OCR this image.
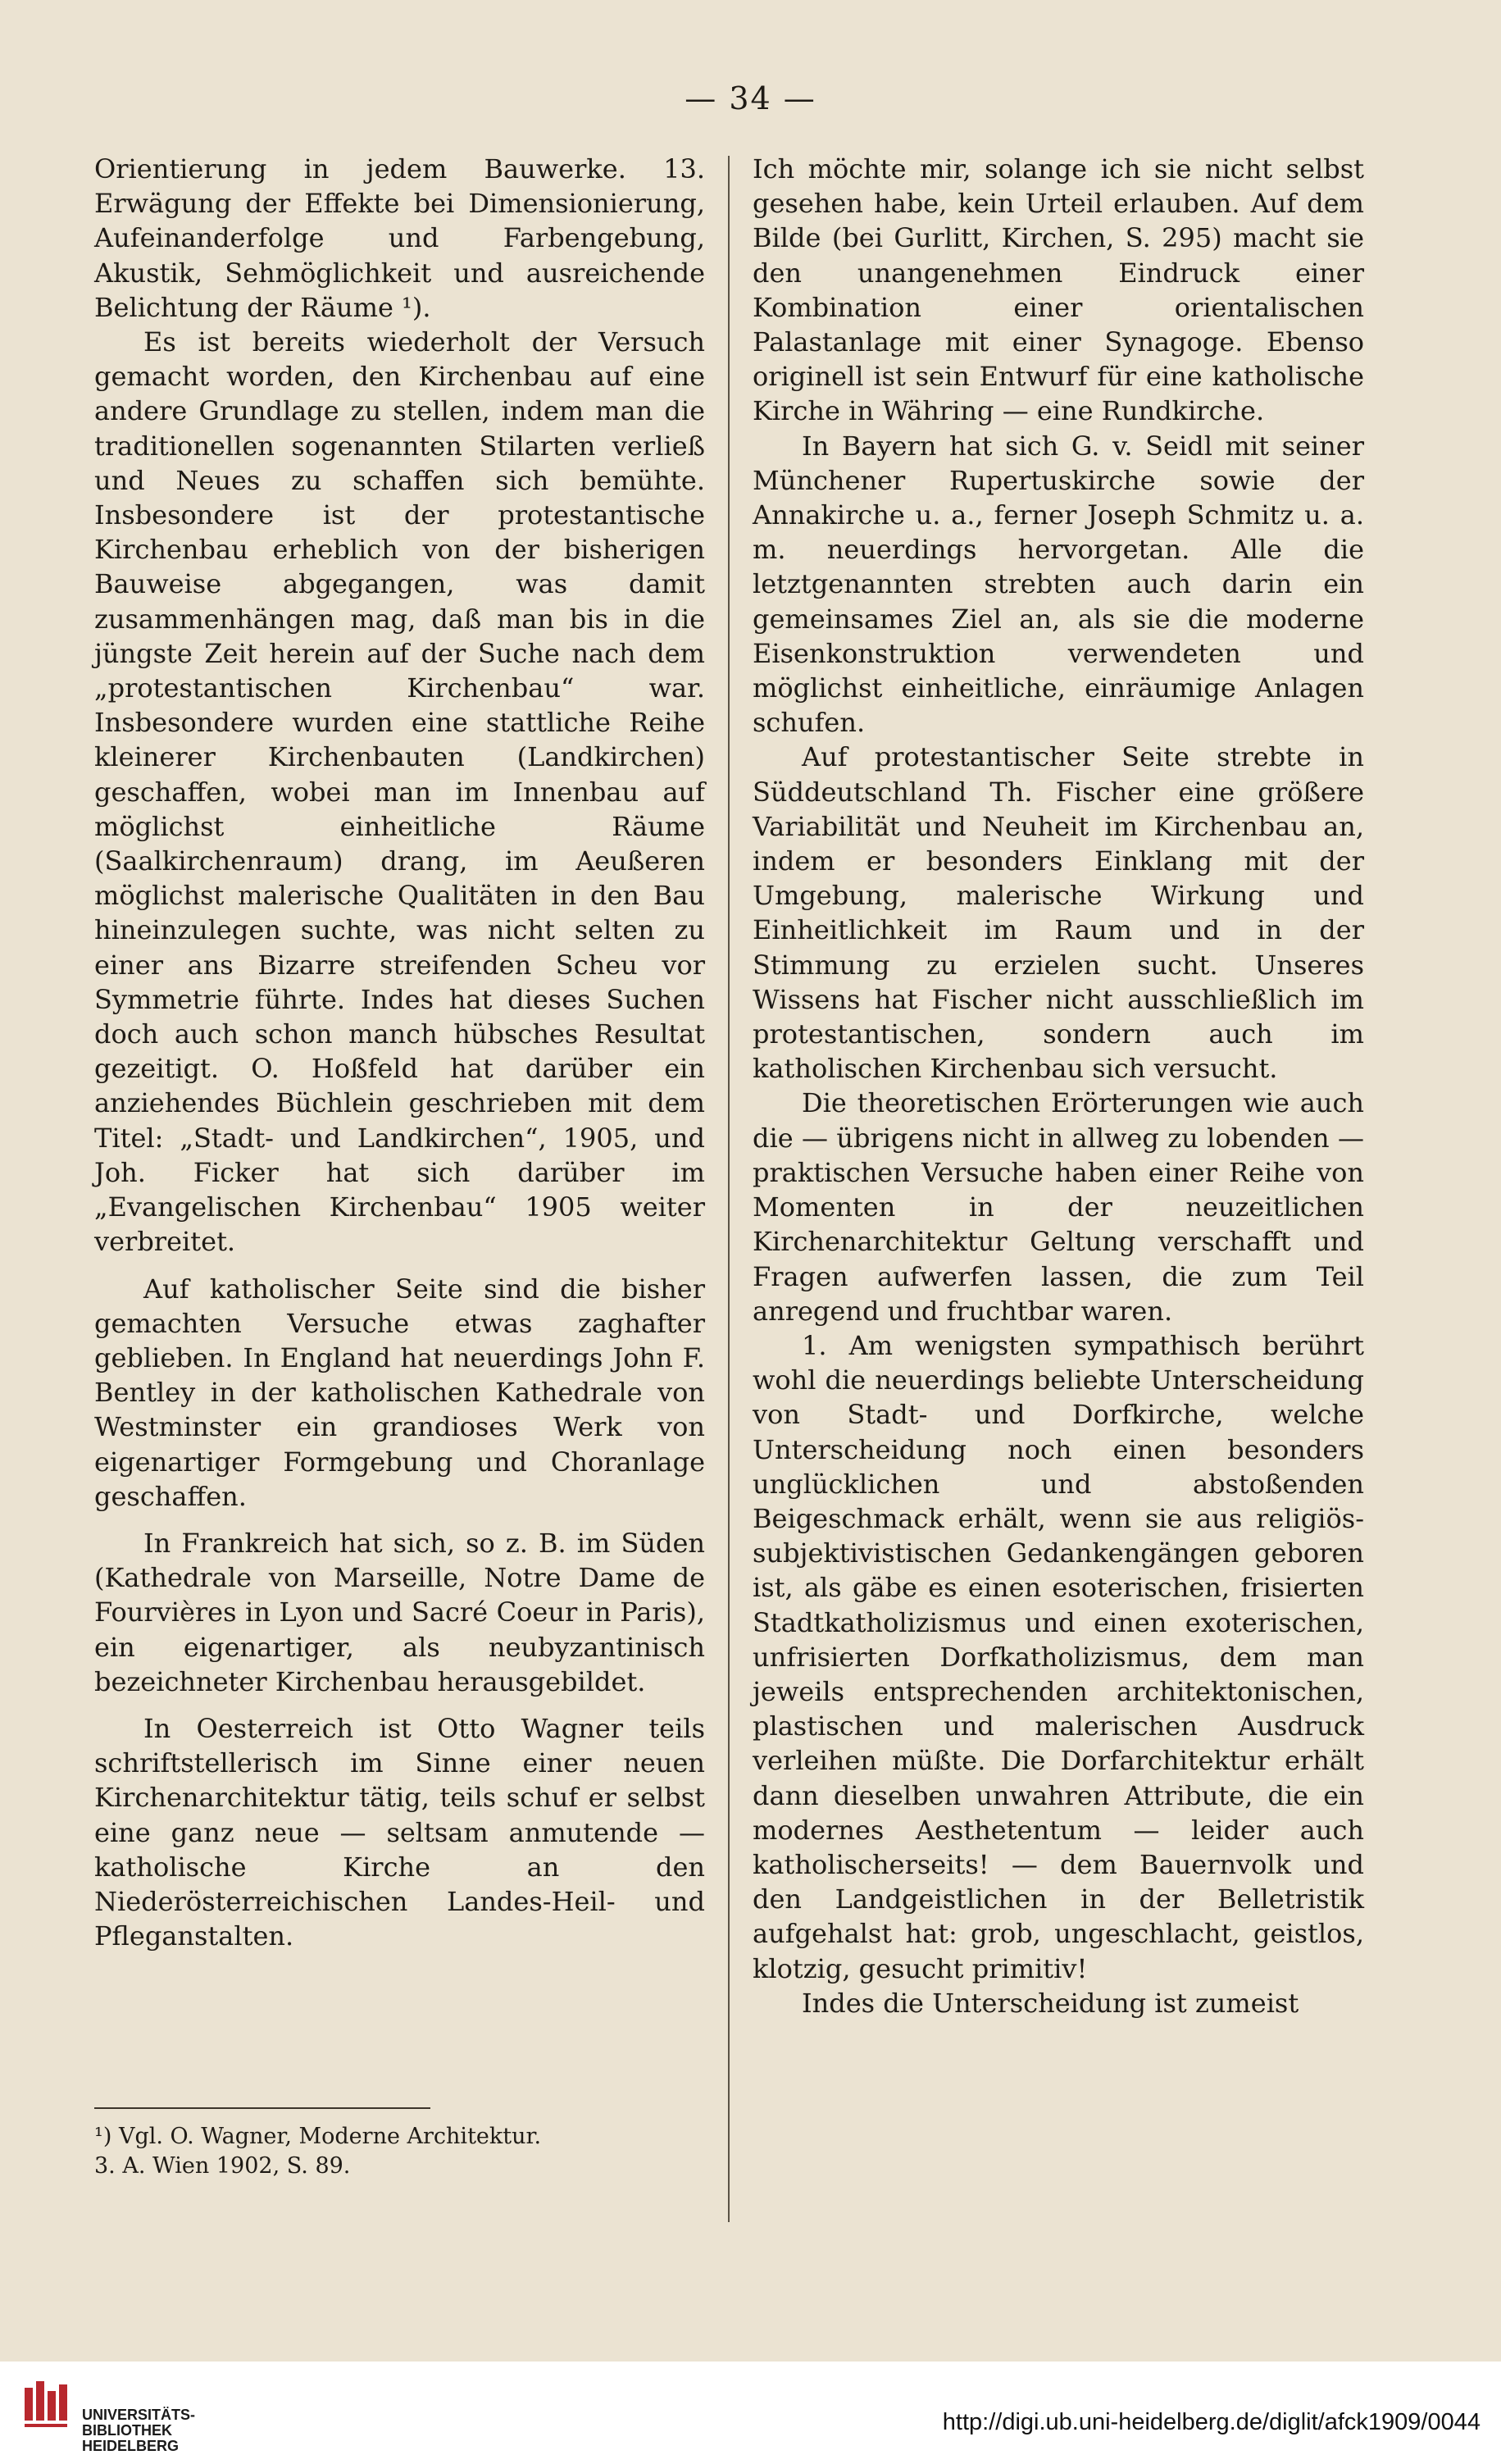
— 34 —

Orientierung in jedem Bauwerke. 13. Erwägung der Effekte bei Dimensionierung, Aufeinanderfolge und Farbengebung, Akustik, Sehmöglichkeit und ausreichende Belichtung der Räume ¹).

Es ist bereits wiederholt der Versuch gemacht worden, den Kirchenbau auf eine andere Grundlage zu stellen, indem man die traditionellen sogenannten Stilarten verließ und Neues zu schaffen sich bemühte. Insbesondere ist der protestantische Kirchenbau erheblich von der bisherigen Bauweise abgegangen, was damit zusammenhängen mag, daß man bis in die jüngste Zeit herein auf der Suche nach dem „protestantischen Kirchenbau“ war. Insbesondere wurden eine stattliche Reihe kleinerer Kirchenbauten (Landkirchen) geschaffen, wobei man im Innenbau auf möglichst einheitliche Räume (Saalkirchenraum) drang, im Aeußeren möglichst malerische Qualitäten in den Bau hineinzulegen suchte, was nicht selten zu einer ans Bizarre streifenden Scheu vor Symmetrie führte. Indes hat dieses Suchen doch auch schon manch hübsches Resultat gezeitigt. O. Hoßfeld hat darüber ein anziehendes Büchlein geschrieben mit dem Titel: „Stadt- und Landkirchen“, 1905, und Joh. Ficker hat sich darüber im „Evangelischen Kirchenbau“ 1905 weiter verbreitet.

Auf katholischer Seite sind die bisher gemachten Versuche etwas zaghafter geblieben. In England hat neuerdings John F. Bentley in der katholischen Kathedrale von Westminster ein grandioses Werk von eigenartiger Formgebung und Choranlage geschaffen.

In Frankreich hat sich, so z. B. im Süden (Kathedrale von Marseille, Notre Dame de Fourvières in Lyon und Sacré Coeur in Paris), ein eigenartiger, als neubyzantinisch bezeichneter Kirchenbau herausgebildet.

In Oesterreich ist Otto Wagner teils schriftstellerisch im Sinne einer neuen Kirchenarchitektur tätig, teils schuf er selbst eine ganz neue — seltsam anmutende — katholische Kirche an den Niederösterreichischen Landes-Heil- und Pfleganstalten.

Ich möchte mir, solange ich sie nicht selbst gesehen habe, kein Urteil erlauben. Auf dem Bilde (bei Gurlitt, Kirchen, S. 295) macht sie den unangenehmen Eindruck einer Kombination einer orientalischen Palastanlage mit einer Synagoge. Ebenso originell ist sein Entwurf für eine katholische Kirche in Währing — eine Rundkirche.

In Bayern hat sich G. v. Seidl mit seiner Münchener Rupertuskirche sowie der Annakirche u. a., ferner Joseph Schmitz u. a. m. neuerdings hervorgetan. Alle die letztgenannten strebten auch darin ein gemeinsames Ziel an, als sie die moderne Eisenkonstruktion verwendeten und möglichst einheitliche, einräumige Anlagen schufen.

Auf protestantischer Seite strebte in Süddeutschland Th. Fischer eine größere Variabilität und Neuheit im Kirchenbau an, indem er besonders Einklang mit der Umgebung, malerische Wirkung und Einheitlichkeit im Raum und in der Stimmung zu erzielen sucht. Unseres Wissens hat Fischer nicht ausschließlich im protestantischen, sondern auch im katholischen Kirchenbau sich versucht.

Die theoretischen Erörterungen wie auch die — übrigens nicht in allweg zu lobenden — praktischen Versuche haben einer Reihe von Momenten in der neuzeitlichen Kirchenarchitektur Geltung verschafft und Fragen aufwerfen lassen, die zum Teil anregend und fruchtbar waren.

1. Am wenigsten sympathisch berührt wohl die neuerdings beliebte Unterscheidung von Stadt- und Dorfkirche, welche Unterscheidung noch einen besonders unglücklichen und abstoßenden Beigeschmack erhält, wenn sie aus religiös-subjektivistischen Gedankengängen geboren ist, als gäbe es einen esoterischen, frisierten Stadtkatholizismus und einen exoterischen, unfrisierten Dorfkatholizismus, dem man jeweils entsprechenden architektonischen, plastischen und malerischen Ausdruck verleihen müßte. Die Dorfarchitektur erhält dann dieselben unwahren Attribute, die ein modernes Aesthetentum — leider auch katholischerseits! — dem Bauernvolk und den Landgeistlichen in der Belletristik aufgehalst hat: grob, ungeschlacht, geistlos, klotzig, gesucht primitiv!

Indes die Unterscheidung ist zumeist

¹) Vgl. O. Wagner, Moderne Architektur.

3. A. Wien 1902, S. 89.

UNIVERSITÄTS-
BIBLIOTHEK
HEIDELBERG
http://digi.ub.uni-heidelberg.de/diglit/afck1909/0044
